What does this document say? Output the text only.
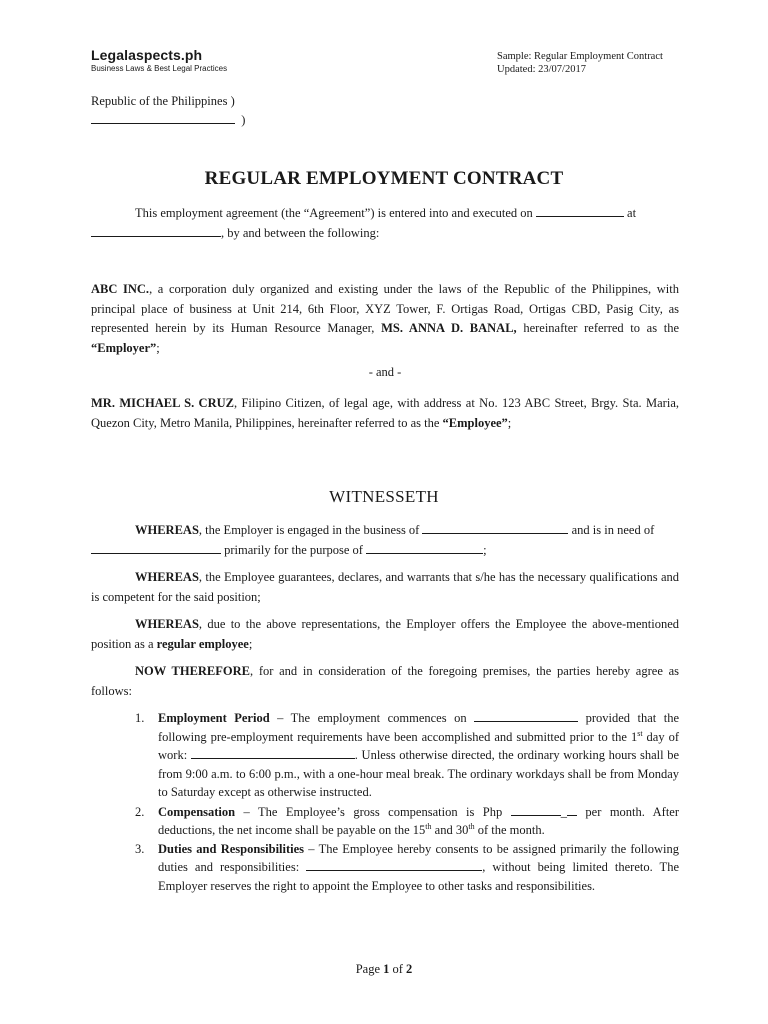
Legalaspects.ph
Business Laws & Best Legal Practices
Sample: Regular Employment Contract
Updated: 23/07/2017
Republic of the Philippines )
)
REGULAR EMPLOYMENT CONTRACT
This employment agreement (the “Agreement”) is entered into and executed on	at
, by and between the following:
ABC INC., a corporation duly organized and existing under the laws of the Republic of the Philippines, with principal place of business at Unit 214, 6th Floor, XYZ Tower, F. Ortigas Road, Ortigas CBD, Pasig City, as represented herein by its Human Resource Manager, MS. ANNA D. BANAL, hereinafter referred to as the “Employer”;
- and -
MR. MICHAEL S. CRUZ, Filipino Citizen, of legal age, with address at No. 123 ABC Street, Brgy. Sta. Maria, Quezon City, Metro Manila, Philippines, hereinafter referred to as the “Employee”;
WITNESSETH
WHEREAS, the Employer is engaged in the business of	and is in need of
primarily for the purpose of	;
WHEREAS, the Employee guarantees, declares, and warrants that s/he has the necessary qualifications and is competent for the said position;
WHEREAS, due to the above representations, the Employer offers the Employee the above-mentioned position as a regular employee;
NOW THEREFORE, for and in consideration of the foregoing premises, the parties hereby agree as follows:
1. Employment Period – The employment commences on	provided that the following pre-employment requirements have been accomplished and submitted prior to the 1st day of work:	. Unless otherwise directed, the ordinary working hours shall be from 9:00 a.m. to 6:00 p.m., with a one-hour meal break. The ordinary workdays shall be from Monday to Saturday except as otherwise instructed.
2. Compensation – The Employee’s gross compensation is Php	_ per month. After deductions, the net income shall be payable on the 15th and 30th of the month.
3. Duties and Responsibilities – The Employee hereby consents to be assigned primarily the following duties and responsibilities:	, without being limited thereto. The Employer reserves the right to appoint the Employee to other tasks and responsibilities.
Page 1 of 2
